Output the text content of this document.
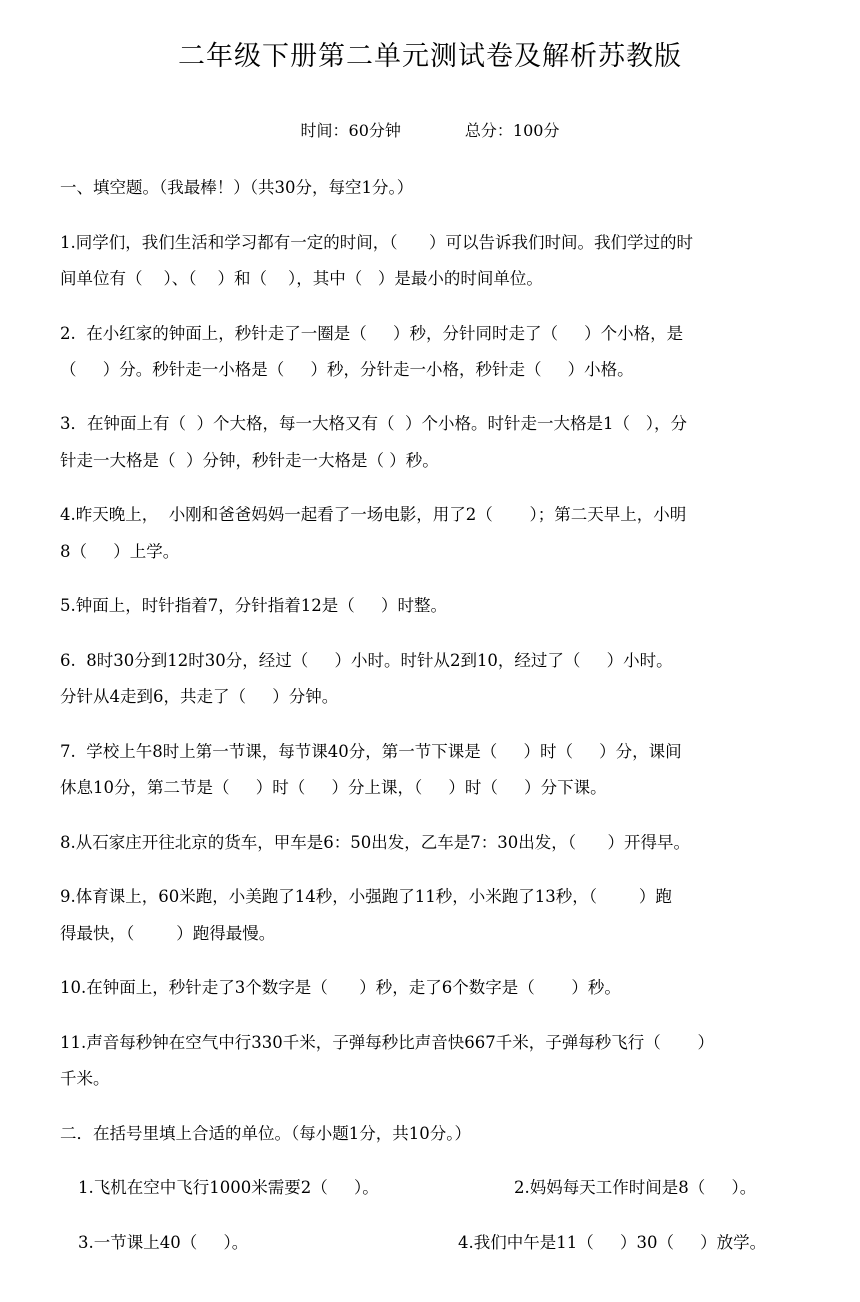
二年级下册第二单元测试卷及解析苏教版
时间：60分钟	总分：100分
一、填空题。（我最棒！）（共30分，每空1分。）
1.同学们，我们生活和学习都有一定的时间，（      ）可以告诉我们时间。我们学过的时
间单位有（    ）、（    ）和（    ），其中（   ）是最小的时间单位。
2.  在小红家的钟面上，秒针走了一圈是（     ）秒，分针同时走了（     ）个小格，是
（     ）分。秒针走一小格是（     ）秒，分针走一小格，秒针走（     ）小格。
3．在钟面上有（  ）个大格，每一大格又有（  ）个小格。时针走一大格是1（   ），分
针走一大格是（  ）分钟，秒针走一大格是（ ）秒。
4.昨天晚上，  小刚和爸爸妈妈一起看了一场电影，用了2（       ）；第二天早上，小明
8（     ）上学。
5.钟面上，时针指着7，分针指着12是（     ）时整。
6.  8时30分到12时30分，经过（     ）小时。时针从2到10，经过了（     ）小时。
分针从4走到6，共走了（     ）分钟。
7.  学校上午8时上第一节课，每节课40分，第一节下课是（     ）时（     ）分，课间
休息10分，第二节是（     ）时（     ）分上课，（     ）时（     ）分下课。
8.从石家庄开往北京的货车，甲车是6：50出发，乙车是7：30出发，（      ）开得早。
9.体育课上，60米跑，小美跑了14秒，小强跑了11秒，小米跑了13秒，（        ）跑
得最快，（        ）跑得最慢。
10.在钟面上，秒针走了3个数字是（      ）秒，走了6个数字是（       ）秒。
11.声音每秒钟在空气中行330千米，子弹每秒比声音快667千米，子弹每秒飞行（       ）
千米。
二．在括号里填上合适的单位。（每小题1分，共10分。）
1.飞机在空中飞行1000米需要2（     ）。	2.妈妈每天工作时间是8（     ）。
3.一节课上40（     ）。	4.我们中午是11（     ）30（     ）放学。
